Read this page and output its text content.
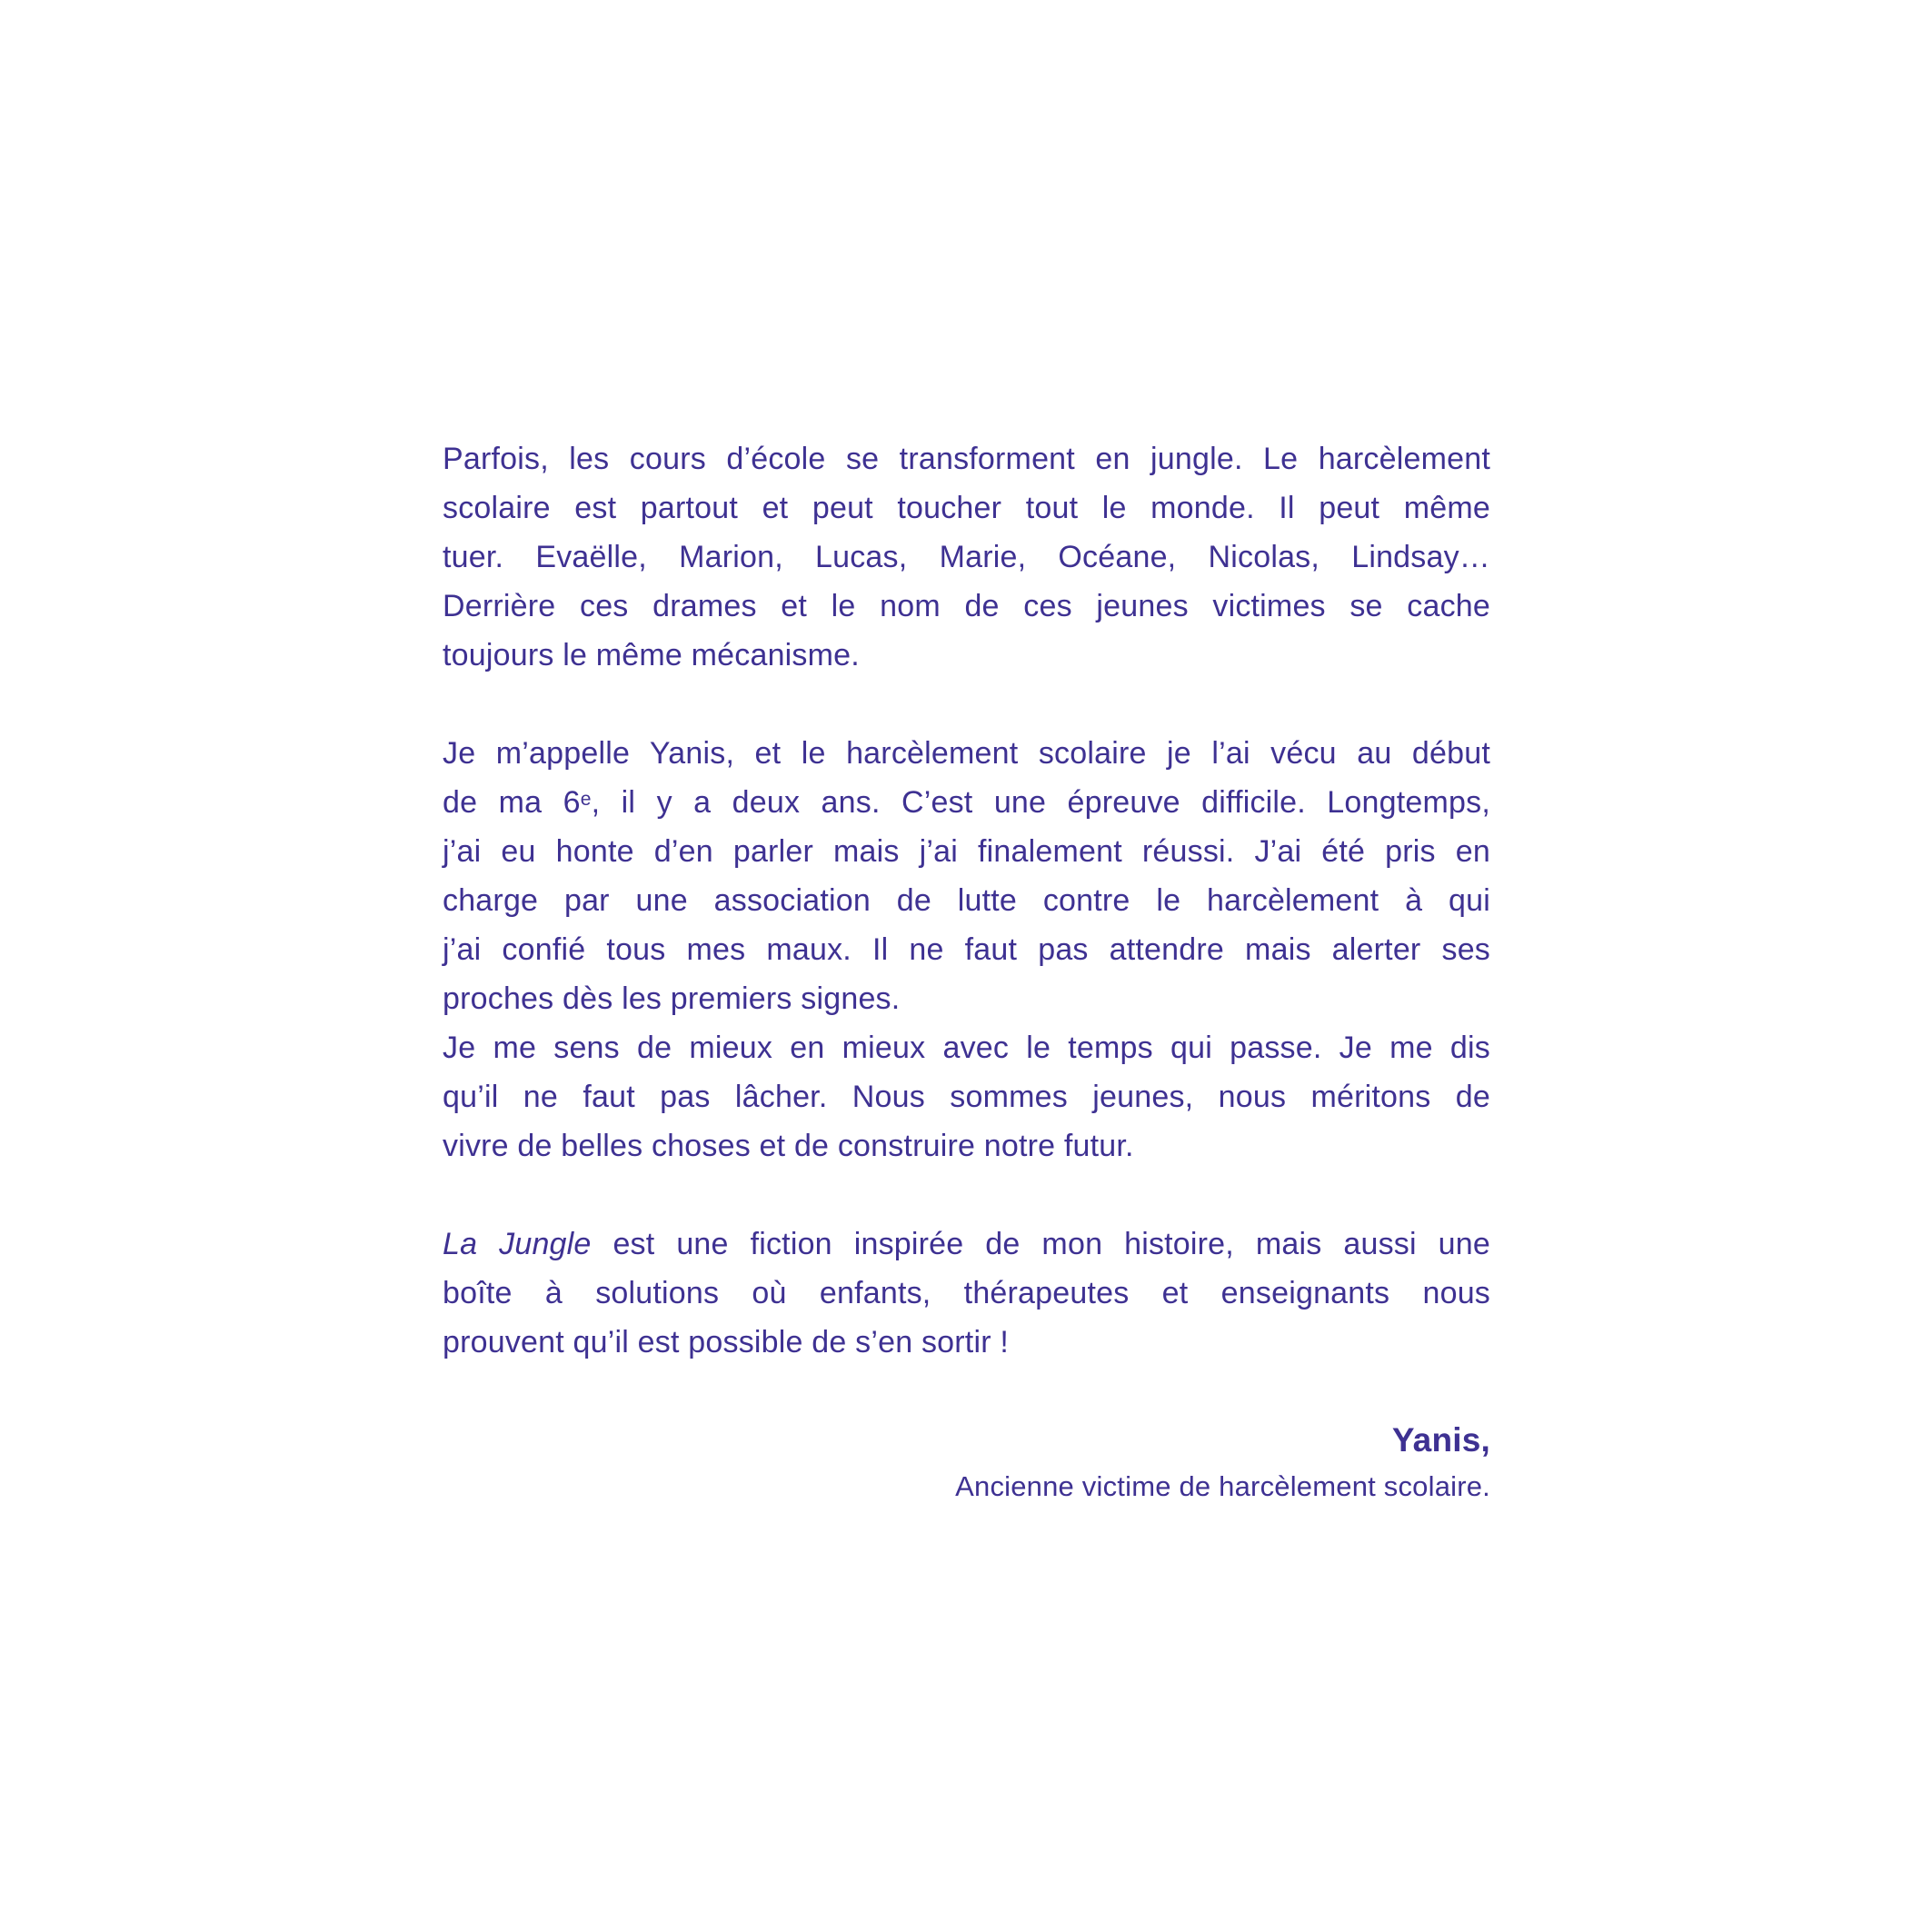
Parfois, les cours d’école se transforment en jungle. Le harcèlement
scolaire est partout et peut toucher tout le monde. Il peut même
tuer. Evaëlle, Marion, Lucas, Marie, Océane, Nicolas, Lindsay…
Derrière ces drames et le nom de ces jeunes victimes se cache
toujours le même mécanisme.
Je m’appelle Yanis, et le harcèlement scolaire je l’ai vécu au début
de ma 6e, il y a deux ans. C’est une épreuve difficile. Longtemps,
j’ai eu honte d’en parler mais j’ai finalement réussi. J’ai été pris en
charge par une association de lutte contre le harcèlement à qui
j’ai confié tous mes maux. Il ne faut pas attendre mais alerter ses
proches dès les premiers signes.
Je me sens de mieux en mieux avec le temps qui passe. Je me dis
qu’il ne faut pas lâcher. Nous sommes jeunes, nous méritons de
vivre de belles choses et de construire notre futur.
La Jungle est une fiction inspirée de mon histoire, mais aussi une
boîte à solutions où enfants, thérapeutes et enseignants nous
prouvent qu’il est possible de s’en sortir !
Yanis,
Ancienne victime de harcèlement scolaire.
